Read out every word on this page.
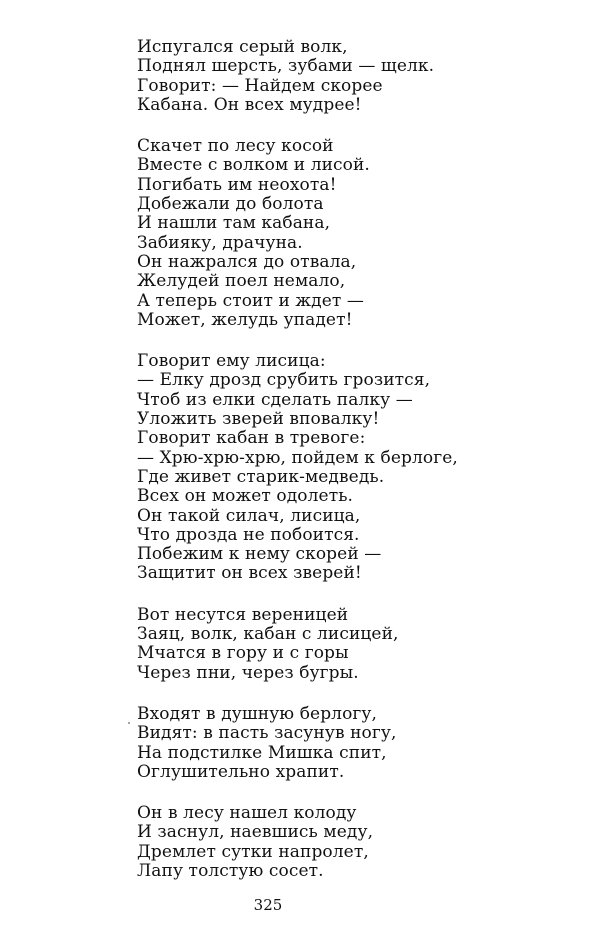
Испугался серый волк,
Поднял шерсть, зубами — щелк.
Говорит: — Найдем скорее
Кабана. Он всех мудрее!
Скачет по лесу косой
Вместе с волком и лисой.
Погибать им неохота!
Добежали до болота
И нашли там кабана,
Забияку, драчуна.
Он нажрался до отвала,
Желудей поел немало,
А теперь стоит и ждет —
Может, желудь упадет!
Говорит ему лисица:
— Елку дрозд срубить грозится,
Чтоб из елки сделать палку —
Уложить зверей вповалку!
Говорит кабан в тревоге:
— Хрю-хрю-хрю, пойдем к берлоге,
Где живет старик-медведь.
Всех он может одолеть.
Он такой силач, лисица,
Что дрозда не побоится.
Побежим к нему скорей —
Защитит он всех зверей!
Вот несутся вереницей
Заяц, волк, кабан с лисицей,
Мчатся в гору и с горы
Через пни, через бугры.
Входят в душную берлогу,
Видят: в пасть засунув ногу,
На подстилке Мишка спит,
Оглушительно храпит.
Он в лесу нашел колоду
И заснул, наевшись меду,
Дремлет сутки напролет,
Лапу толстую сосет.
325
